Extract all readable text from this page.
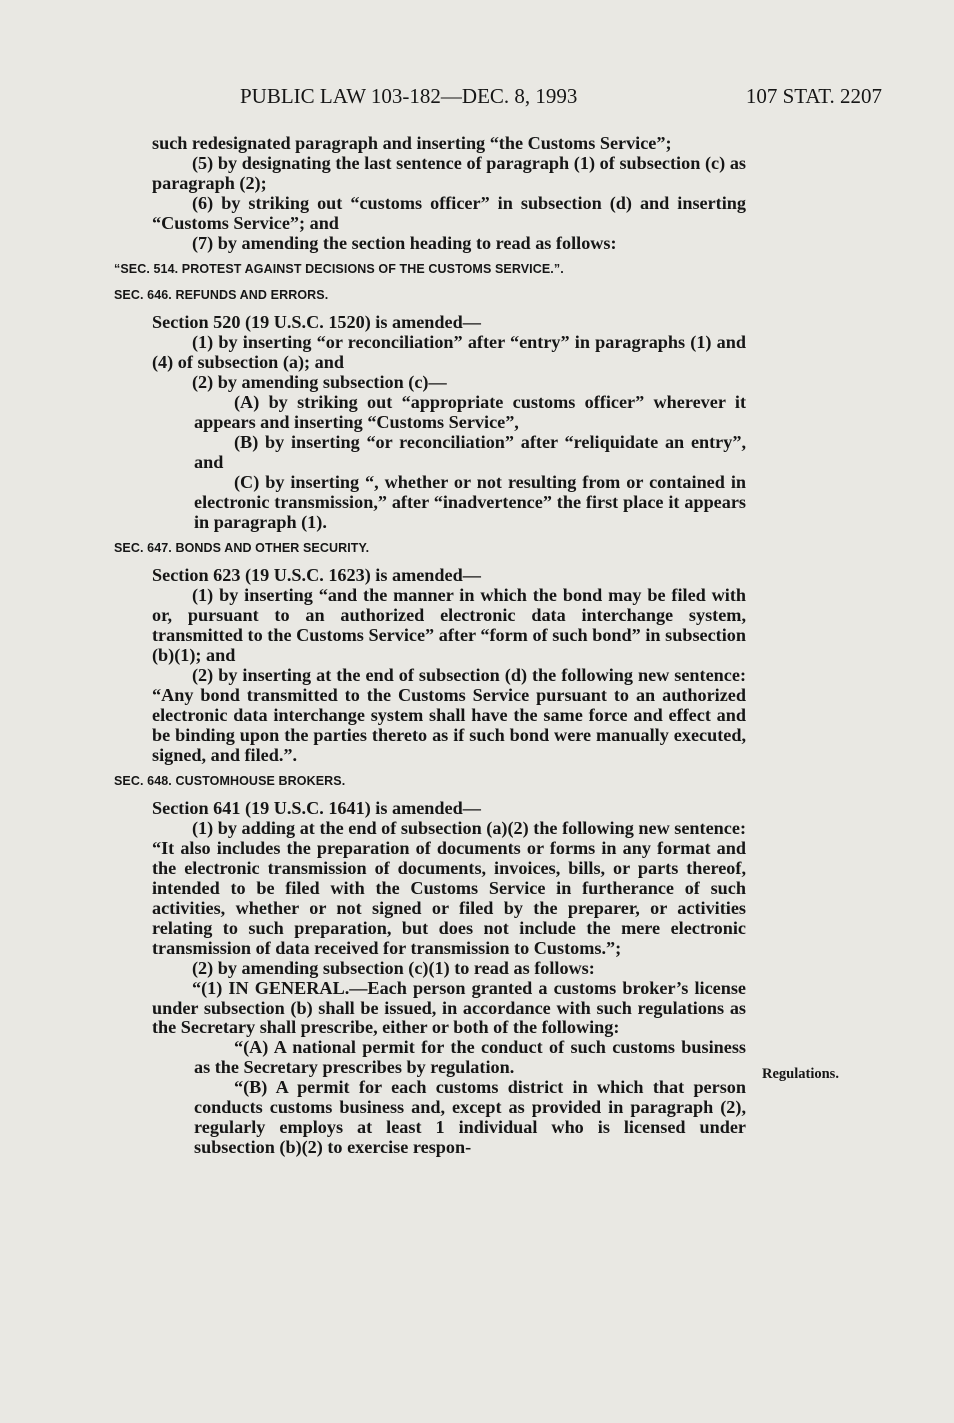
PUBLIC LAW 103-182—DEC. 8, 1993	107 STAT. 2207

such redesignated paragraph and inserting “the Customs Service”;

(5) by designating the last sentence of paragraph (1) of subsection (c) as paragraph (2);

(6) by striking out “customs officer” in subsection (d) and inserting “Customs Service”; and

(7) by amending the section heading to read as follows:

“SEC. 514. PROTEST AGAINST DECISIONS OF THE CUSTOMS SERVICE.”.

SEC. 646. REFUNDS AND ERRORS.

Section 520 (19 U.S.C. 1520) is amended—

(1) by inserting “or reconciliation” after “entry” in paragraphs (1) and (4) of subsection (a); and

(2) by amending subsection (c)—

(A) by striking out “appropriate customs officer” wherever it appears and inserting “Customs Service”,

(B) by inserting “or reconciliation” after “reliquidate an entry”, and

(C) by inserting “, whether or not resulting from or contained in electronic transmission,” after “inadvertence” the first place it appears in paragraph (1).

SEC. 647. BONDS AND OTHER SECURITY.

Section 623 (19 U.S.C. 1623) is amended—

(1) by inserting “and the manner in which the bond may be filed with or, pursuant to an authorized electronic data interchange system, transmitted to the Customs Service” after “form of such bond” in subsection (b)(1); and

(2) by inserting at the end of subsection (d) the following new sentence: “Any bond transmitted to the Customs Service pursuant to an authorized electronic data interchange system shall have the same force and effect and be binding upon the parties thereto as if such bond were manually executed, signed, and filed.”.

SEC. 648. CUSTOMHOUSE BROKERS.

Section 641 (19 U.S.C. 1641) is amended—

(1) by adding at the end of subsection (a)(2) the following new sentence: “It also includes the preparation of documents or forms in any format and the electronic transmission of documents, invoices, bills, or parts thereof, intended to be filed with the Customs Service in furtherance of such activities, whether or not signed or filed by the preparer, or activities relating to such preparation, but does not include the mere electronic transmission of data received for transmission to Customs.”;

(2) by amending subsection (c)(1) to read as follows:

“(1) IN GENERAL.—Each person granted a customs broker’s license under subsection (b) shall be issued, in accordance with such regulations as the Secretary shall prescribe, either or both of the following:

“(A) A national permit for the conduct of such customs business as the Secretary prescribes by regulation.

“(B) A permit for each customs district in which that person conducts customs business and, except as provided in paragraph (2), regularly employs at least 1 individual who is licensed under subsection (b)(2) to exercise respon-

Regulations.
